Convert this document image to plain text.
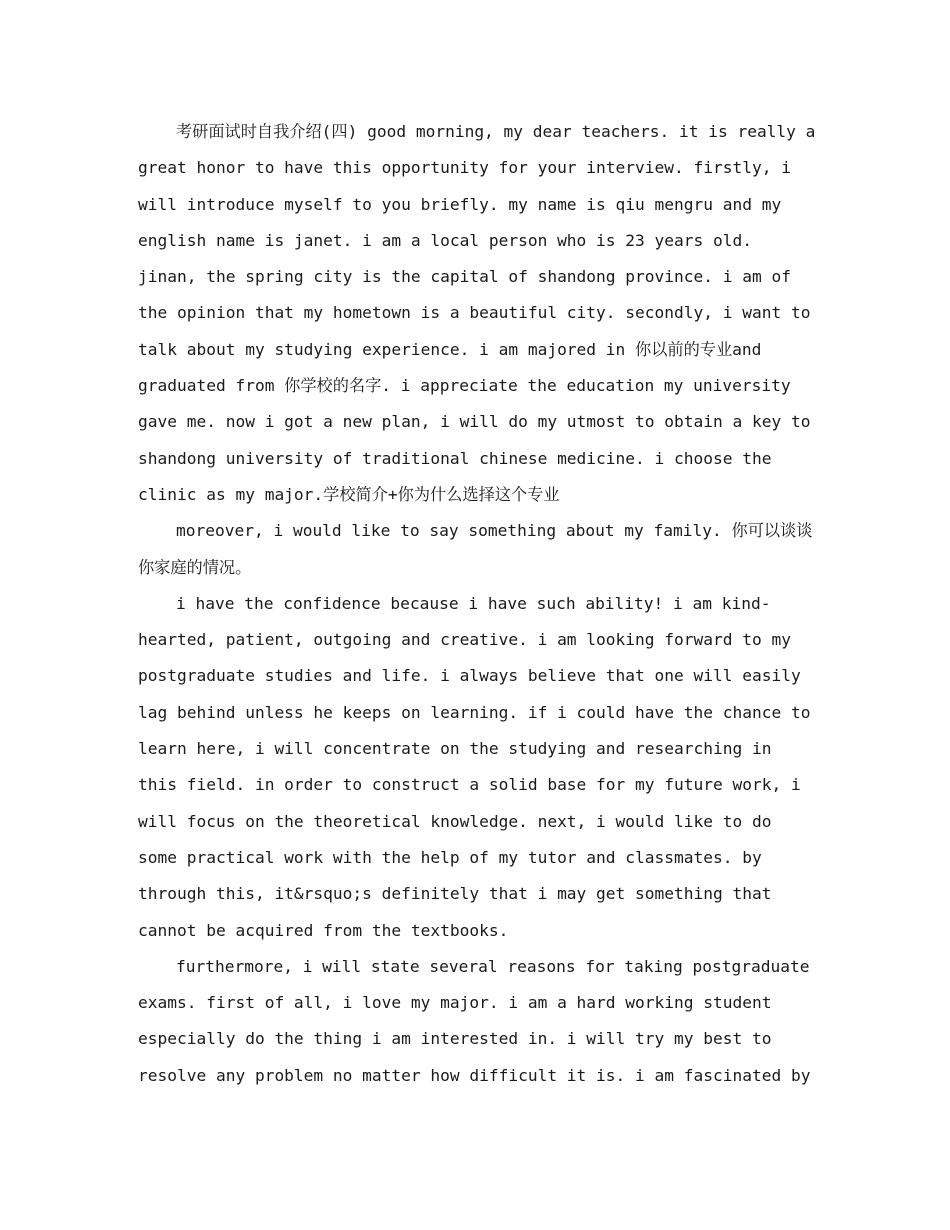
考研面试时自我介绍(四) good morning, my dear teachers. it is really a great honor to have this opportunity for your interview. firstly, i will introduce myself to you briefly. my name is qiu mengru and my english name is janet. i am a local person who is 23 years old. jinan, the spring city is the capital of shandong province. i am of the opinion that my hometown is a beautiful city. secondly, i want to talk about my studying experience. i am majored in 你以前的专业and graduated from 你学校的名字. i appreciate the education my university gave me. now i got a new plan, i will do my utmost to obtain a key to shandong university of traditional chinese medicine. i choose the clinic as my major.学校简介+你为什么选择这个专业

moreover, i would like to say something about my family. 你可以谈谈你家庭的情况。

i have the confidence because i have such ability! i am kind-hearted, patient, outgoing and creative. i am looking forward to my postgraduate studies and life. i always believe that one will easily lag behind unless he keeps on learning. if i could have the chance to learn here, i will concentrate on the studying and researching in this field. in order to construct a solid base for my future work, i will focus on the theoretical knowledge. next, i would like to do some practical work with the help of my tutor and classmates. by through this, it&rsquo;s definitely that i may get something that cannot be acquired from the textbooks.

furthermore, i will state several reasons for taking postgraduate exams. first of all, i love my major. i am a hard working student especially do the thing i am interested in. i will try my best to resolve any problem no matter how difficult it is. i am fascinated by
